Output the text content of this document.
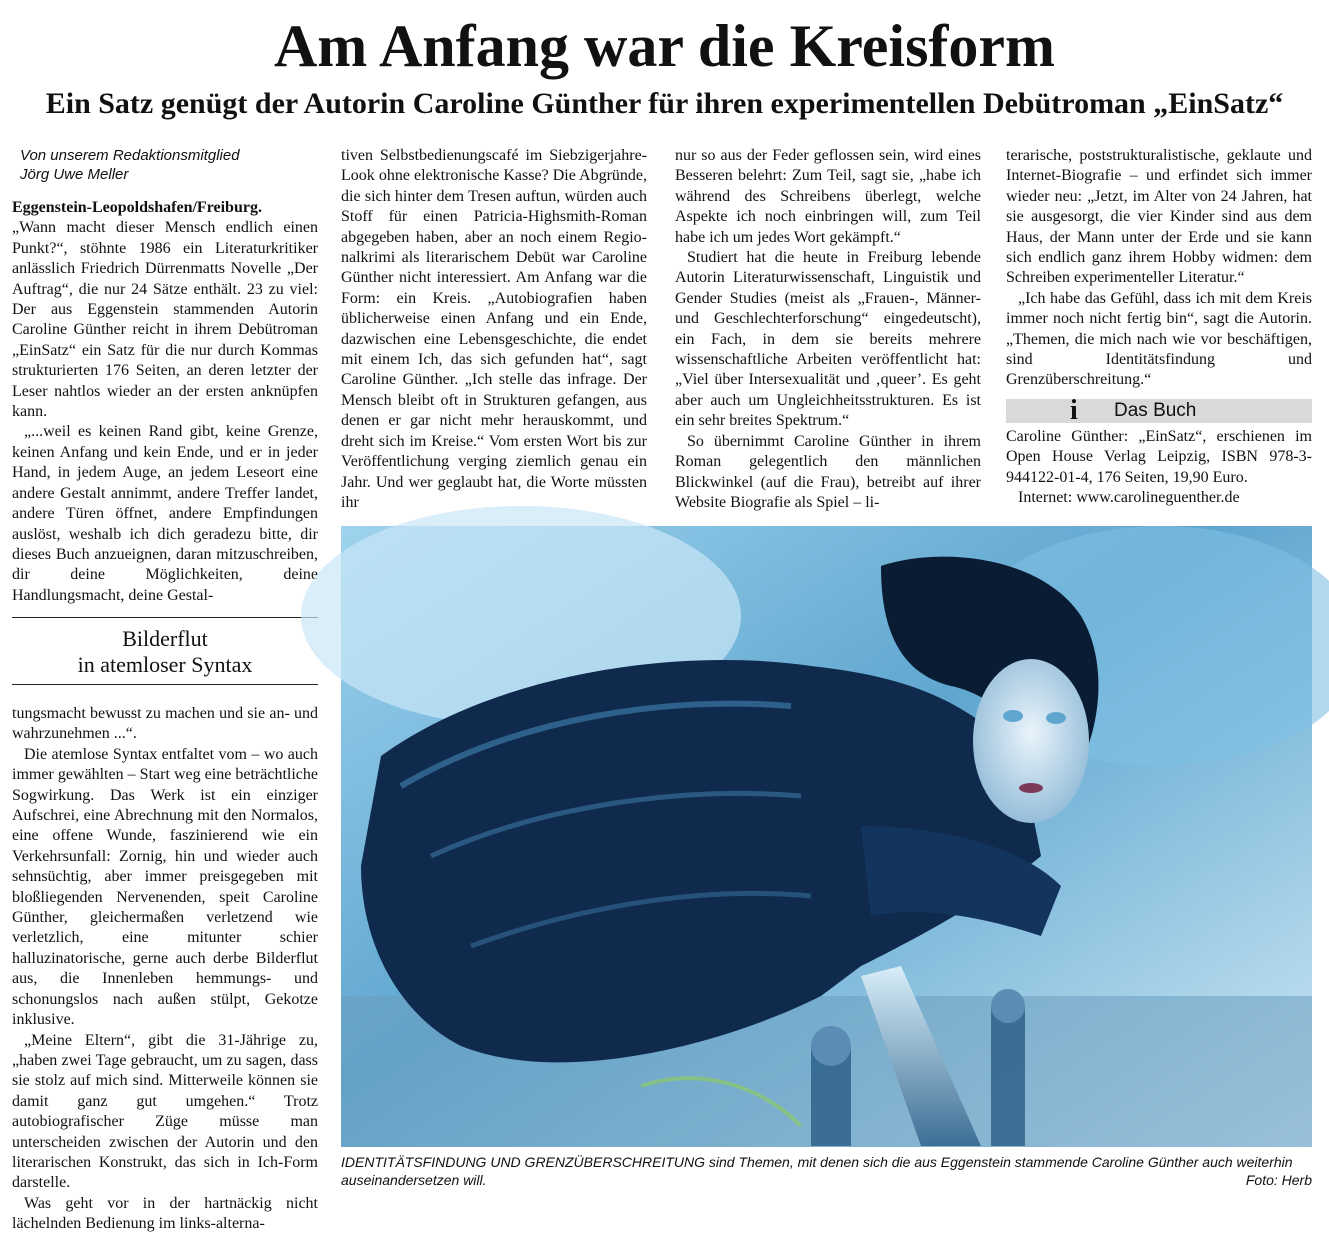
Am Anfang war die Kreisform
Ein Satz genügt der Autorin Caroline Günther für ihren experimentellen Debütroman „EinSatz“
Von unserem Redaktionsmitglied
Jörg Uwe Meller

Eggenstein-Leopoldshafen/Freiburg.

„Wann macht dieser Mensch endlich einen Punkt?“, stöhnte 1986 ein Literaturkritiker anlässlich Friedrich Dürrenmatts Novelle „Der Auftrag“, die nur 24 Sätze enthält. 23 zu viel: Der aus Eggenstein stammenden Autorin Caroline Günther reicht in ihrem Debütroman „EinSatz“ ein Satz für die nur durch Kommas strukturierten 176 Seiten, an deren letzter der Leser nahtlos wieder an der ersten anknüpfen kann.

„...weil es keinen Rand gibt, keine Grenze, keinen Anfang und kein Ende, und er in jeder Hand, in jedem Auge, an jedem Leseort eine andere Gestalt annimmt, andere Treffer landet, andere Türen öffnet, andere Empfindungen auslöst, weshalb ich dich geradezu bitte, dir dieses Buch anzueignen, daran mitzuschreiben, dir deine Möglichkeiten, deine Handlungsmacht, deine Gestal-

Bilderflut
in atemloser Syntax

tungsmacht bewusst zu machen und sie an- und wahrzunehmen ...“.

Die atemlose Syntax entfaltet vom – wo auch immer gewählten – Start weg eine beträchtliche Sogwirkung. Das Werk ist ein einziger Aufschrei, eine Abrechnung mit den Normalos, eine offene Wunde, faszinierend wie ein Verkehrsunfall: Zornig, hin und wieder auch sehnsüchtig, aber immer preisgegeben mit bloßliegenden Nervenenden, speit Caroline Günther, gleichermaßen verletzend wie verletzlich, eine mitunter schier halluzinatorische, gerne auch derbe Bilderflut aus, die Innenleben hemmungs- und schonungslos nach außen stülpt, Gekotze inklusive.

„Meine Eltern“, gibt die 31-Jährige zu, „haben zwei Tage gebraucht, um zu sagen, dass sie stolz auf mich sind. Mitterweile können sie damit ganz gut umgehen.“ Trotz autobiografischer Züge müsse man unterscheiden zwischen der Autorin und den literarischen Konstrukt, das sich in Ich-Form darstelle.

Was geht vor in der hartnäckig nicht lächelnden Bedienung im links-alterna-

tiven Selbstbedienungscafé im Siebzigerjahre-Look ohne elektronische Kasse? Die Abgründe, die sich hinter dem Tresen auftun, würden auch Stoff für einen Patricia-Highsmith-Roman abgegeben haben, aber an noch einem Regionalkrimi als literarischem Debüt war Caroline Günther nicht interessiert. Am Anfang war die Form: ein Kreis. „Autobiografien haben üblicherweise einen Anfang und ein Ende, dazwischen eine Lebensgeschichte, die endet mit einem Ich, das sich gefunden hat“, sagt Caroline Günther. „Ich stelle das infrage. Der Mensch bleibt oft in Strukturen gefangen, aus denen er gar nicht mehr herauskommt, und dreht sich im Kreise.“ Vom ersten Wort bis zur Veröffentlichung verging ziemlich genau ein Jahr. Und wer geglaubt hat, die Worte müssten ihr

nur so aus der Feder geflossen sein, wird eines Besseren belehrt: Zum Teil, sagt sie, „habe ich während des Schreibens überlegt, welche Aspekte ich noch einbringen will, zum Teil habe ich um jedes Wort gekämpft.“

Studiert hat die heute in Freiburg lebende Autorin Literaturwissenschaft, Linguistik und Gender Studies (meist als „Frauen-, Männer- und Geschlechterforschung“ eingedeutscht), ein Fach, in dem sie bereits mehrere wissenschaftliche Arbeiten veröffentlicht hat: „Viel über Intersexualität und ‚queer’. Es geht aber auch um Ungleichheitsstrukturen. Es ist ein sehr breites Spektrum.“

So übernimmt Caroline Günther in ihrem Roman gelegentlich den männlichen Blickwinkel (auf die Frau), betreibt auf ihrer Website Biografie als Spiel – li-

terarische, poststrukturalistische, geklaute und Internet-Biografie – und erfindet sich immer wieder neu: „Jetzt, im Alter von 24 Jahren, hat sie ausgesorgt, die vier Kinder sind aus dem Haus, der Mann unter der Erde und sie kann sich endlich ganz ihrem Hobby widmen: dem Schreiben experimenteller Literatur.“

„Ich habe das Gefühl, dass ich mit dem Kreis immer noch nicht fertig bin“, sagt die Autorin. „Themen, die mich nach wie vor beschäftigen, sind Identitätsfindung und Grenzüberschreitung.“

i	Das Buch

Caroline Günther: „EinSatz“, erschienen im Open House Verlag Leipzig, ISBN 978-3-944122-01-4, 176 Seiten, 19,90 Euro.

Internet: www.carolineguenther.de

IDENTITÄTSFINDUNG UND GRENZÜBERSCHREITUNG sind Themen, mit denen sich die aus Eggenstein stammende Caroline Günther auch weiterhin auseinandersetzen will.	Foto: Herb
